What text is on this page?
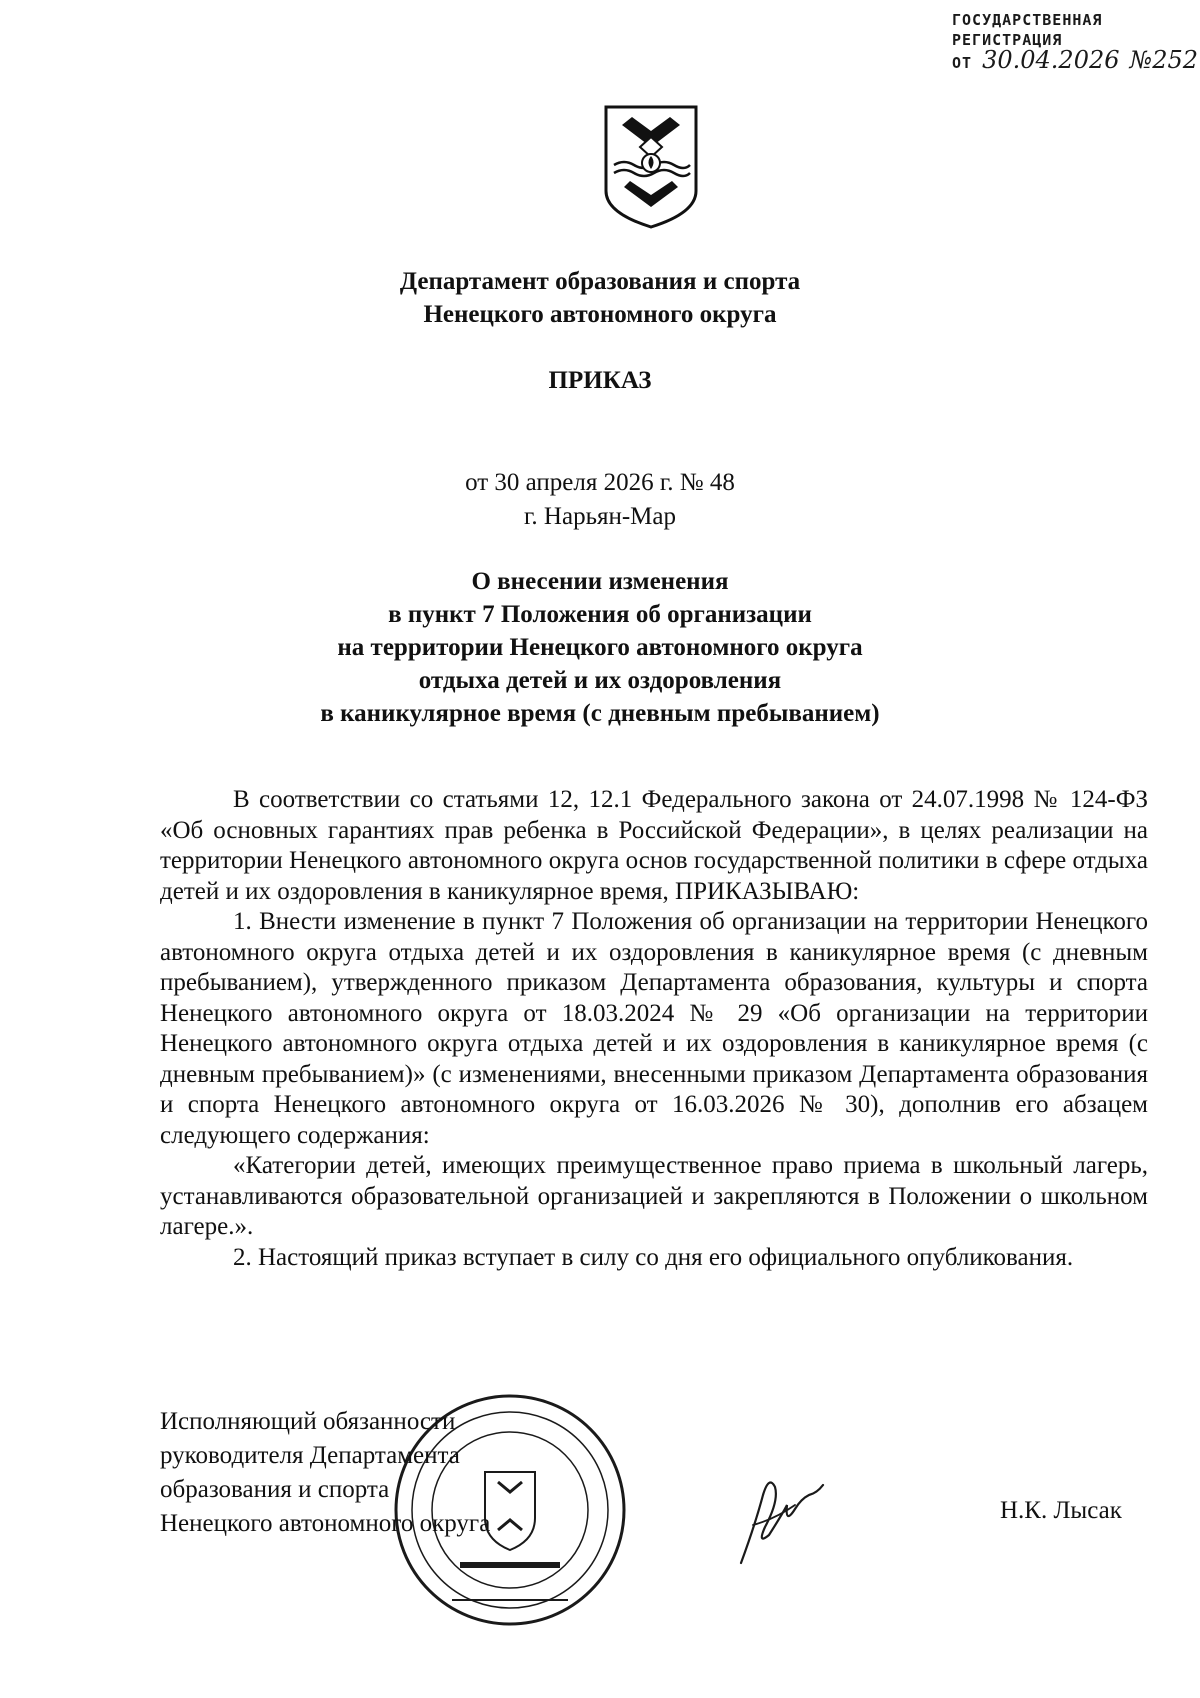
ГОСУДАРСТВЕННАЯ
РЕГИСТРАЦИЯ
ОТ 30.04.2026 №252
Департамент образования и спорта
Ненецкого автономного округа
ПРИКАЗ
от 30 апреля 2026 г. № 48
г. Нарьян-Мар
О внесении изменения
в пункт 7 Положения об организации
на территории Ненецкого автономного округа
отдыха детей и их оздоровления
в каникулярное время (с дневным пребыванием)

В соответствии со статьями 12, 12.1 Федерального закона от 24.07.1998 № 124-ФЗ «Об основных гарантиях прав ребенка в Российской Федерации», в целях реализации на территории Ненецкого автономного округа основ государственной политики в сфере отдыха детей и их оздоровления в каникулярное время, ПРИКАЗЫВАЮ:

1. Внести изменение в пункт 7 Положения об организации на территории Ненецкого автономного округа отдыха детей и их оздоровления в каникулярное время (с дневным пребыванием), утвержденного приказом Департамента образования, культуры и спорта Ненецкого автономного округа от 18.03.2024 № 29 «Об организации на территории Ненецкого автономного округа отдыха детей и их оздоровления в каникулярное время (с дневным пребыванием)» (с изменениями, внесенными приказом Департамента образования и спорта Ненецкого автономного округа от 16.03.2026 № 30), дополнив его абзацем следующего содержания:

«Категории детей, имеющих преимущественное право приема в школьный лагерь, устанавливаются образовательной организацией и закрепляются в Положении о школьном лагере.».

2. Настоящий приказ вступает в силу со дня его официального опубликования.

Исполняющий обязанности
руководителя Департамента
образования и спорта
Ненецкого автономного округа	Н.К. Лысак
